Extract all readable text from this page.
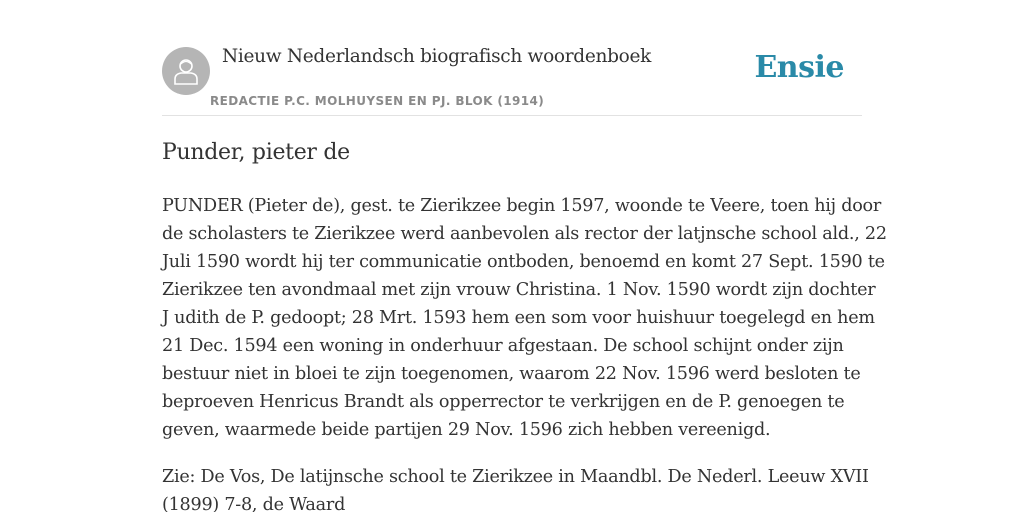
Nieuw Nederlandsch biografisch woordenboek
REDACTIE P.C. MOLHUYSEN EN PJ. BLOK (1914)
Ensie
Punder, pieter de

PUNDER (Pieter de), gest. te Zierikzee begin 1597, woonde te Veere, toen hij door
de scholasters te Zierikzee werd aanbevolen als rector der latjnsche school ald., 22
Juli 1590 wordt hij ter communicatie ontboden, benoemd en komt 27 Sept. 1590 te
Zierikzee ten avondmaal met zijn vrouw Christina. 1 Nov. 1590 wordt zijn dochter
J udith de P. gedoopt; 28 Mrt. 1593 hem een som voor huishuur toegelegd en hem
21 Dec. 1594 een woning in onderhuur afgestaan. De school schijnt onder zijn
bestuur niet in bloei te zijn toegenomen, waarom 22 Nov. 1596 werd besloten te
beproeven Henricus Brandt als opperrector te verkrijgen en de P. genoegen te
geven, waarmede beide partijen 29 Nov. 1596 zich hebben vereenigd.

Zie: De Vos, De latijnsche school te Zierikzee in Maandbl. De Nederl. Leeuw XVII
(1899) 7-8, de Waard
